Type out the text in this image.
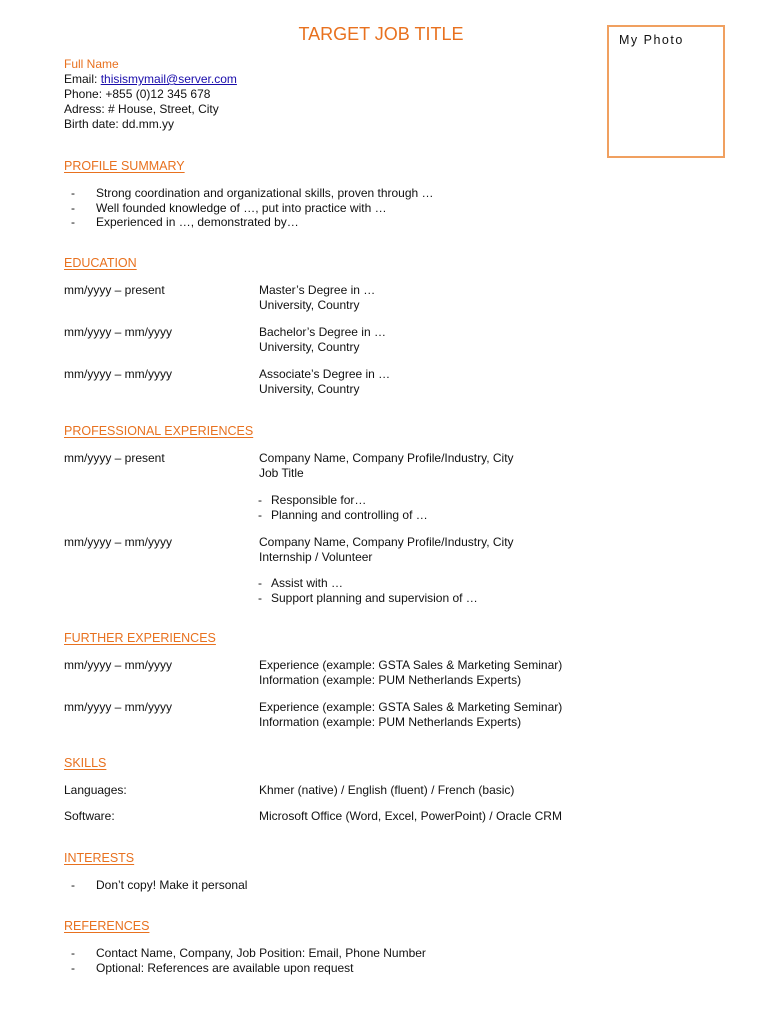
TARGET JOB TITLE	My Photo
Full Name
Email: thisismymail@server.com
Phone: +855 (0)12 345 678
Adress: # House, Street, City
Birth date: dd.mm.yy
PROFILE SUMMARY
-	Strong coordination and organizational skills, proven through …
-	Well founded knowledge of …, put into practice with …
-	Experienced in …, demonstrated by…
EDUCATION
mm/yyyy – present	Master’s Degree in …
University, Country
mm/yyyy – mm/yyyy	Bachelor’s Degree in …
University, Country
mm/yyyy – mm/yyyy	Associate’s Degree in …
University, Country
PROFESSIONAL EXPERIENCES
mm/yyyy – present	Company Name, Company Profile/Industry, City
Job Title
- Responsible for…
- Planning and controlling of …
mm/yyyy – mm/yyyy	Company Name, Company Profile/Industry, City
Internship / Volunteer
- Assist with …
- Support planning and supervision of …
FURTHER EXPERIENCES
mm/yyyy – mm/yyyy	Experience (example: GSTA Sales & Marketing Seminar)
Information (example: PUM Netherlands Experts)
mm/yyyy – mm/yyyy	Experience (example: GSTA Sales & Marketing Seminar)
Information (example: PUM Netherlands Experts)
SKILLS
Languages:	Khmer (native) / English (fluent) / French (basic)
Software:	Microsoft Office (Word, Excel, PowerPoint) / Oracle CRM
INTERESTS
-	Don’t copy! Make it personal
REFERENCES
-	Contact Name, Company, Job Position: Email, Phone Number
-	Optional: References are available upon request
